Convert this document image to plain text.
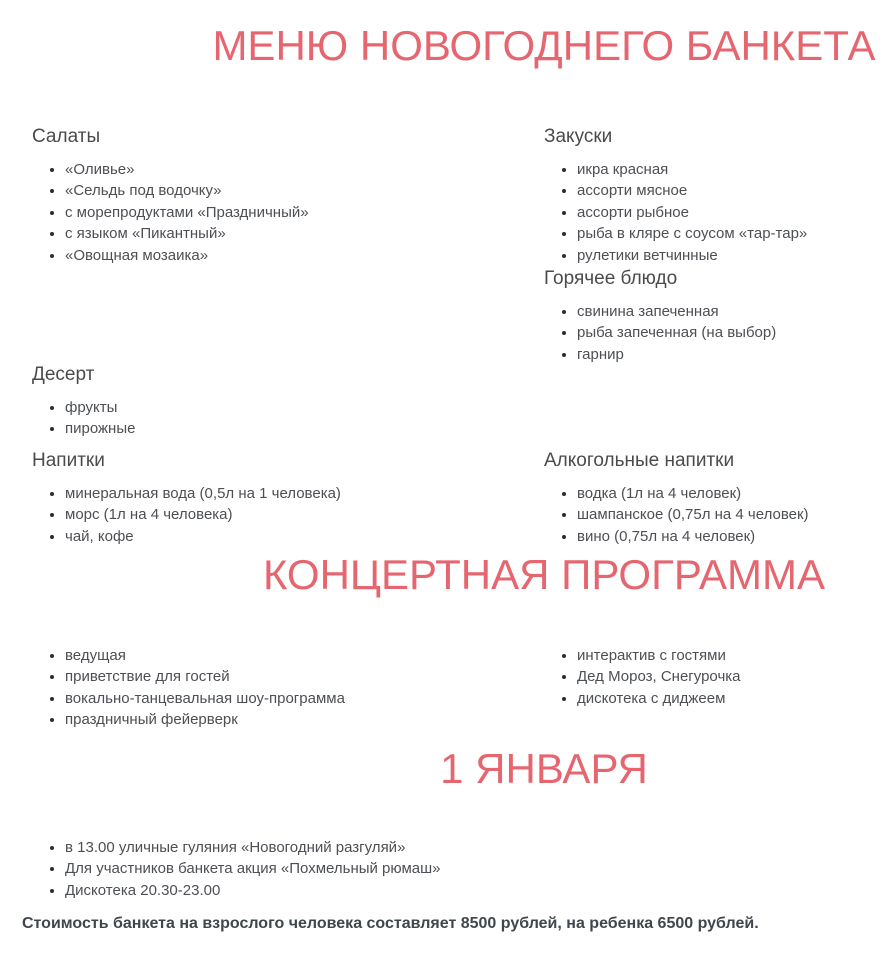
МЕНЮ НОВОГОДНЕГО БАНКЕТА
Салаты
• «Оливье»
• «Сельдь под водочку»
• с морепродуктами «Праздничный»
• с языком «Пикантный»
• «Овощная мозаика»
Закуски
• икра красная
• ассорти мясное
• ассорти рыбное
• рыба в кляре с соусом «тар-тар»
• рулетики ветчинные
Горячее блюдо
• свинина запеченная
• рыба запеченная (на выбор)
• гарнир
Десерт
• фрукты
• пирожные
Напитки
• минеральная вода (0,5л на 1 человека)
• морс (1л на 4 человека)
• чай, кофе
Алкогольные напитки
• водка (1л на 4 человек)
• шампанское (0,75л на 4 человек)
• вино (0,75л на 4 человек)
КОНЦЕРТНАЯ ПРОГРАММА
• ведущая
• приветствие для гостей
• вокально-танцевальная шоу-программа
• праздничный фейерверк
• интерактив с гостями
• Дед Мороз, Снегурочка
• дискотека с диджеем
1 ЯНВАРЯ
• в 13.00 уличные гуляния «Новогодний разгуляй»
• Для участников банкета акция «Похмельный рюмаш»
• Дискотека 20.30-23.00

Стоимость банкета на взрослого человека составляет 8500 рублей, на ребенка 6500 рублей.
